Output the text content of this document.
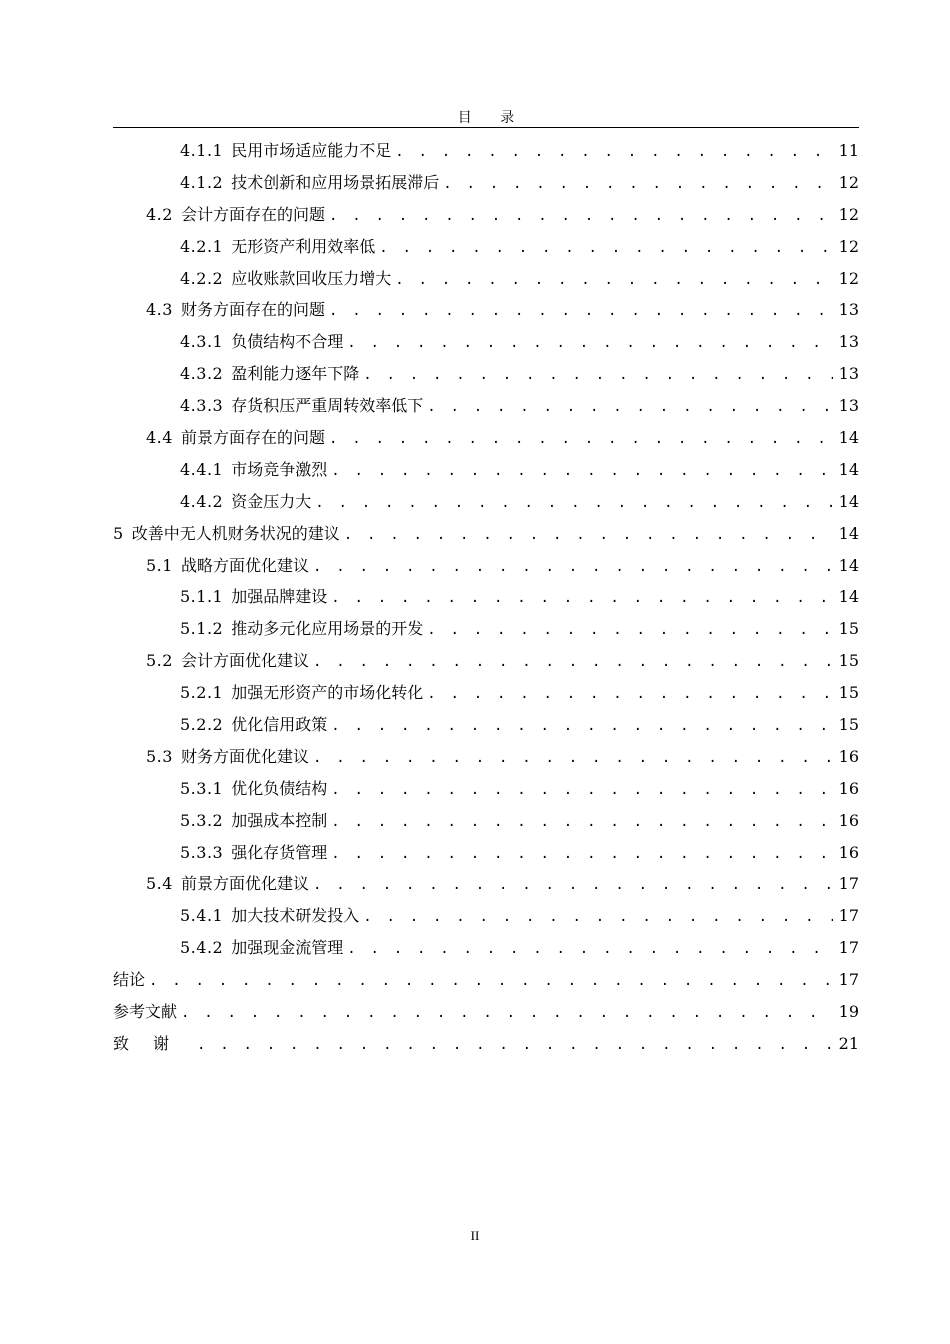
目 录
4.1.1 民用市场适应能力不足 . . .	11
4.1.2 技术创新和应用场景拓展滞后 . . .	12
4.2 会计方面存在的问题 . . .	12
4.2.1 无形资产利用效率低 . . .	12
4.2.2 应收账款回收压力增大 . . .	12
4.3 财务方面存在的问题 . . .	13
4.3.1 负债结构不合理 . . .	13
4.3.2 盈利能力逐年下降 . . .	13
4.3.3 存货积压严重周转效率低下 . . .	13
4.4 前景方面存在的问题 . . .	14
4.4.1 市场竞争激烈 . . .	14
4.4.2 资金压力大 . . .	14
5 改善中无人机财务状况的建议 . . .	14
5.1 战略方面优化建议 . . .	14
5.1.1 加强品牌建设 . . .	14
5.1.2 推动多元化应用场景的开发 . . .	15
5.2 会计方面优化建议 . . .	15
5.2.1 加强无形资产的市场化转化 . . .	15
5.2.2 优化信用政策 . . .	15
5.3 财务方面优化建议 . . .	16
5.3.1 优化负债结构 . . .	16
5.3.2 加强成本控制 . . .	16
5.3.3 强化存货管理 . . .	16
5.4 前景方面优化建议 . . .	17
5.4.1 加大技术研发投入 . . .	17
5.4.2 加强现金流管理 . . .	17
结论 . . .	17
参考文献 . . .	19
致谢 . . .	21
II
